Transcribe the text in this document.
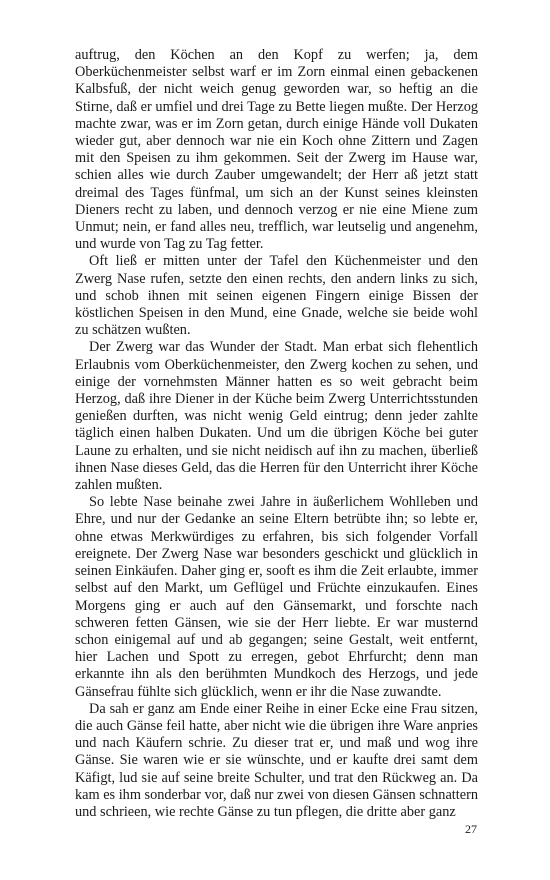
auftrug, den Köchen an den Kopf zu werfen; ja, dem Oberküchenmeister selbst warf er im Zorn einmal einen gebackenen Kalbsfuß, der nicht weich genug geworden war, so heftig an die Stirne, daß er umfiel und drei Tage zu Bette liegen mußte. Der Herzog machte zwar, was er im Zorn getan, durch einige Hände voll Dukaten wieder gut, aber dennoch war nie ein Koch ohne Zittern und Zagen mit den Speisen zu ihm gekommen. Seit der Zwerg im Hause war, schien alles wie durch Zauber umgewandelt; der Herr aß jetzt statt dreimal des Tages fünfmal, um sich an der Kunst seines kleinsten Dieners recht zu laben, und dennoch verzog er nie eine Miene zum Unmut; nein, er fand alles neu, trefflich, war leutselig und angenehm, und wurde von Tag zu Tag fetter.

Oft ließ er mitten unter der Tafel den Küchenmeister und den Zwerg Nase rufen, setzte den einen rechts, den andern links zu sich, und schob ihnen mit seinen eigenen Fingern einige Bissen der köstlichen Speisen in den Mund, eine Gnade, welche sie beide wohl zu schätzen wußten.

Der Zwerg war das Wunder der Stadt. Man erbat sich flehentlich Erlaubnis vom Oberküchenmeister, den Zwerg kochen zu sehen, und einige der vornehmsten Männer hatten es so weit gebracht beim Herzog, daß ihre Diener in der Küche beim Zwerg Unterrichtsstunden genießen durften, was nicht wenig Geld eintrug; denn jeder zahlte täglich einen halben Dukaten. Und um die übrigen Köche bei guter Laune zu erhalten, und sie nicht neidisch auf ihn zu machen, überließ ihnen Nase dieses Geld, das die Herren für den Unterricht ihrer Köche zahlen mußten.

So lebte Nase beinahe zwei Jahre in äußerlichem Wohlleben und Ehre, und nur der Gedanke an seine Eltern betrübte ihn; so lebte er, ohne etwas Merkwürdiges zu erfahren, bis sich folgender Vorfall ereignete. Der Zwerg Nase war besonders geschickt und glücklich in seinen Einkäufen. Daher ging er, sooft es ihm die Zeit erlaubte, immer selbst auf den Markt, um Geflügel und Früchte einzukaufen. Eines Morgens ging er auch auf den Gänsemarkt, und forschte nach schweren fetten Gänsen, wie sie der Herr liebte. Er war musternd schon einigemal auf und ab gegangen; seine Gestalt, weit entfernt, hier Lachen und Spott zu erregen, gebot Ehrfurcht; denn man erkannte ihn als den berühmten Mundkoch des Herzogs, und jede Gänsefrau fühlte sich glücklich, wenn er ihr die Nase zuwandte.

Da sah er ganz am Ende einer Reihe in einer Ecke eine Frau sitzen, die auch Gänse feil hatte, aber nicht wie die übrigen ihre Ware anpries und nach Käufern schrie. Zu dieser trat er, und maß und wog ihre Gänse. Sie waren wie er sie wünschte, und er kaufte drei samt dem Käfigt, lud sie auf seine breite Schulter, und trat den Rückweg an. Da kam es ihm sonderbar vor, daß nur zwei von diesen Gänsen schnattern und schrieen, wie rechte Gänse zu tun pflegen, die dritte aber ganz

27
